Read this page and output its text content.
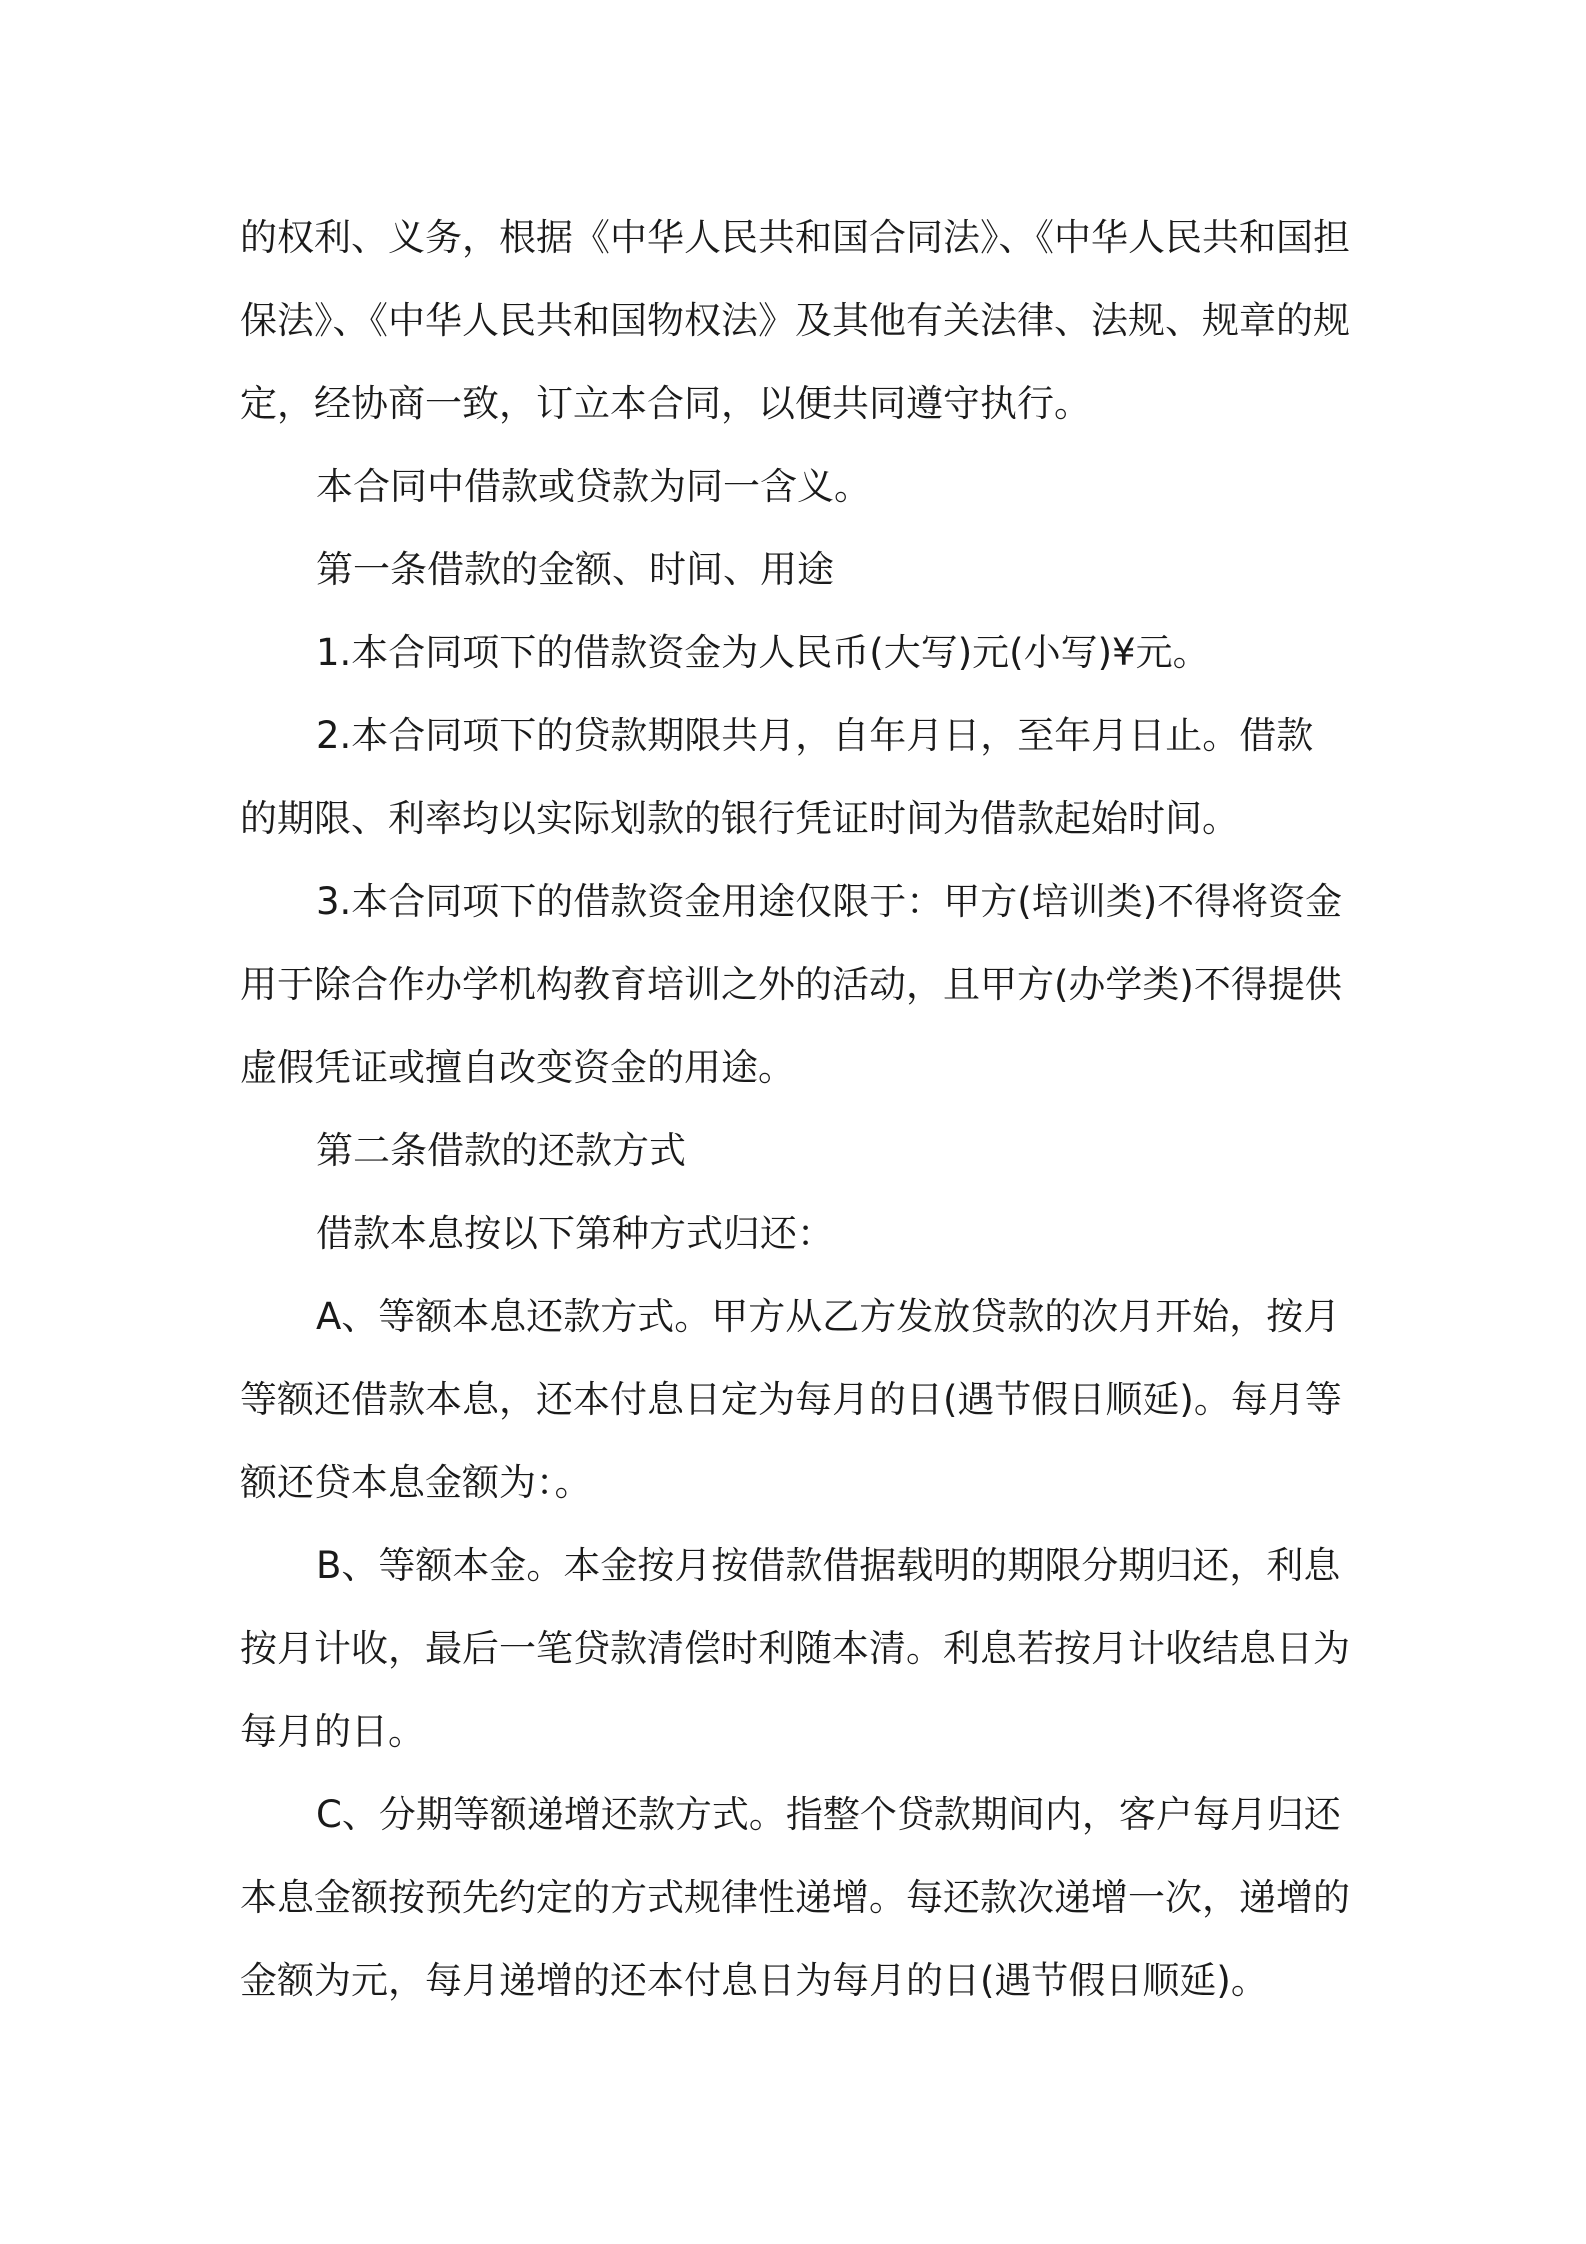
的权利、义务，根据《中华人民共和国合同法》、《中华人民共和国担保法》、《中华人民共和国物权法》及其他有关法律、法规、规章的规定，经协商一致，订立本合同，以便共同遵守执行。

本合同中借款或贷款为同一含义。

第一条借款的金额、时间、用途

1.本合同项下的借款资金为人民币(大写)元(小写)¥元。

2.本合同项下的贷款期限共月，自年月日，至年月日止。借款的期限、利率均以实际划款的银行凭证时间为借款起始时间。

3.本合同项下的借款资金用途仅限于：甲方(培训类)不得将资金用于除合作办学机构教育培训之外的活动，且甲方(办学类)不得提供虚假凭证或擅自改变资金的用途。

第二条借款的还款方式

借款本息按以下第种方式归还：

A、等额本息还款方式。甲方从乙方发放贷款的次月开始，按月等额还借款本息，还本付息日定为每月的日(遇节假日顺延)。每月等额还贷本息金额为：。

B、等额本金。本金按月按借款借据载明的期限分期归还，利息按月计收，最后一笔贷款清偿时利随本清。利息若按月计收结息日为每月的日。

C、分期等额递增还款方式。指整个贷款期间内，客户每月归还本息金额按预先约定的方式规律性递增。每还款次递增一次，递增的金额为元，每月递增的还本付息日为每月的日(遇节假日顺延)。
